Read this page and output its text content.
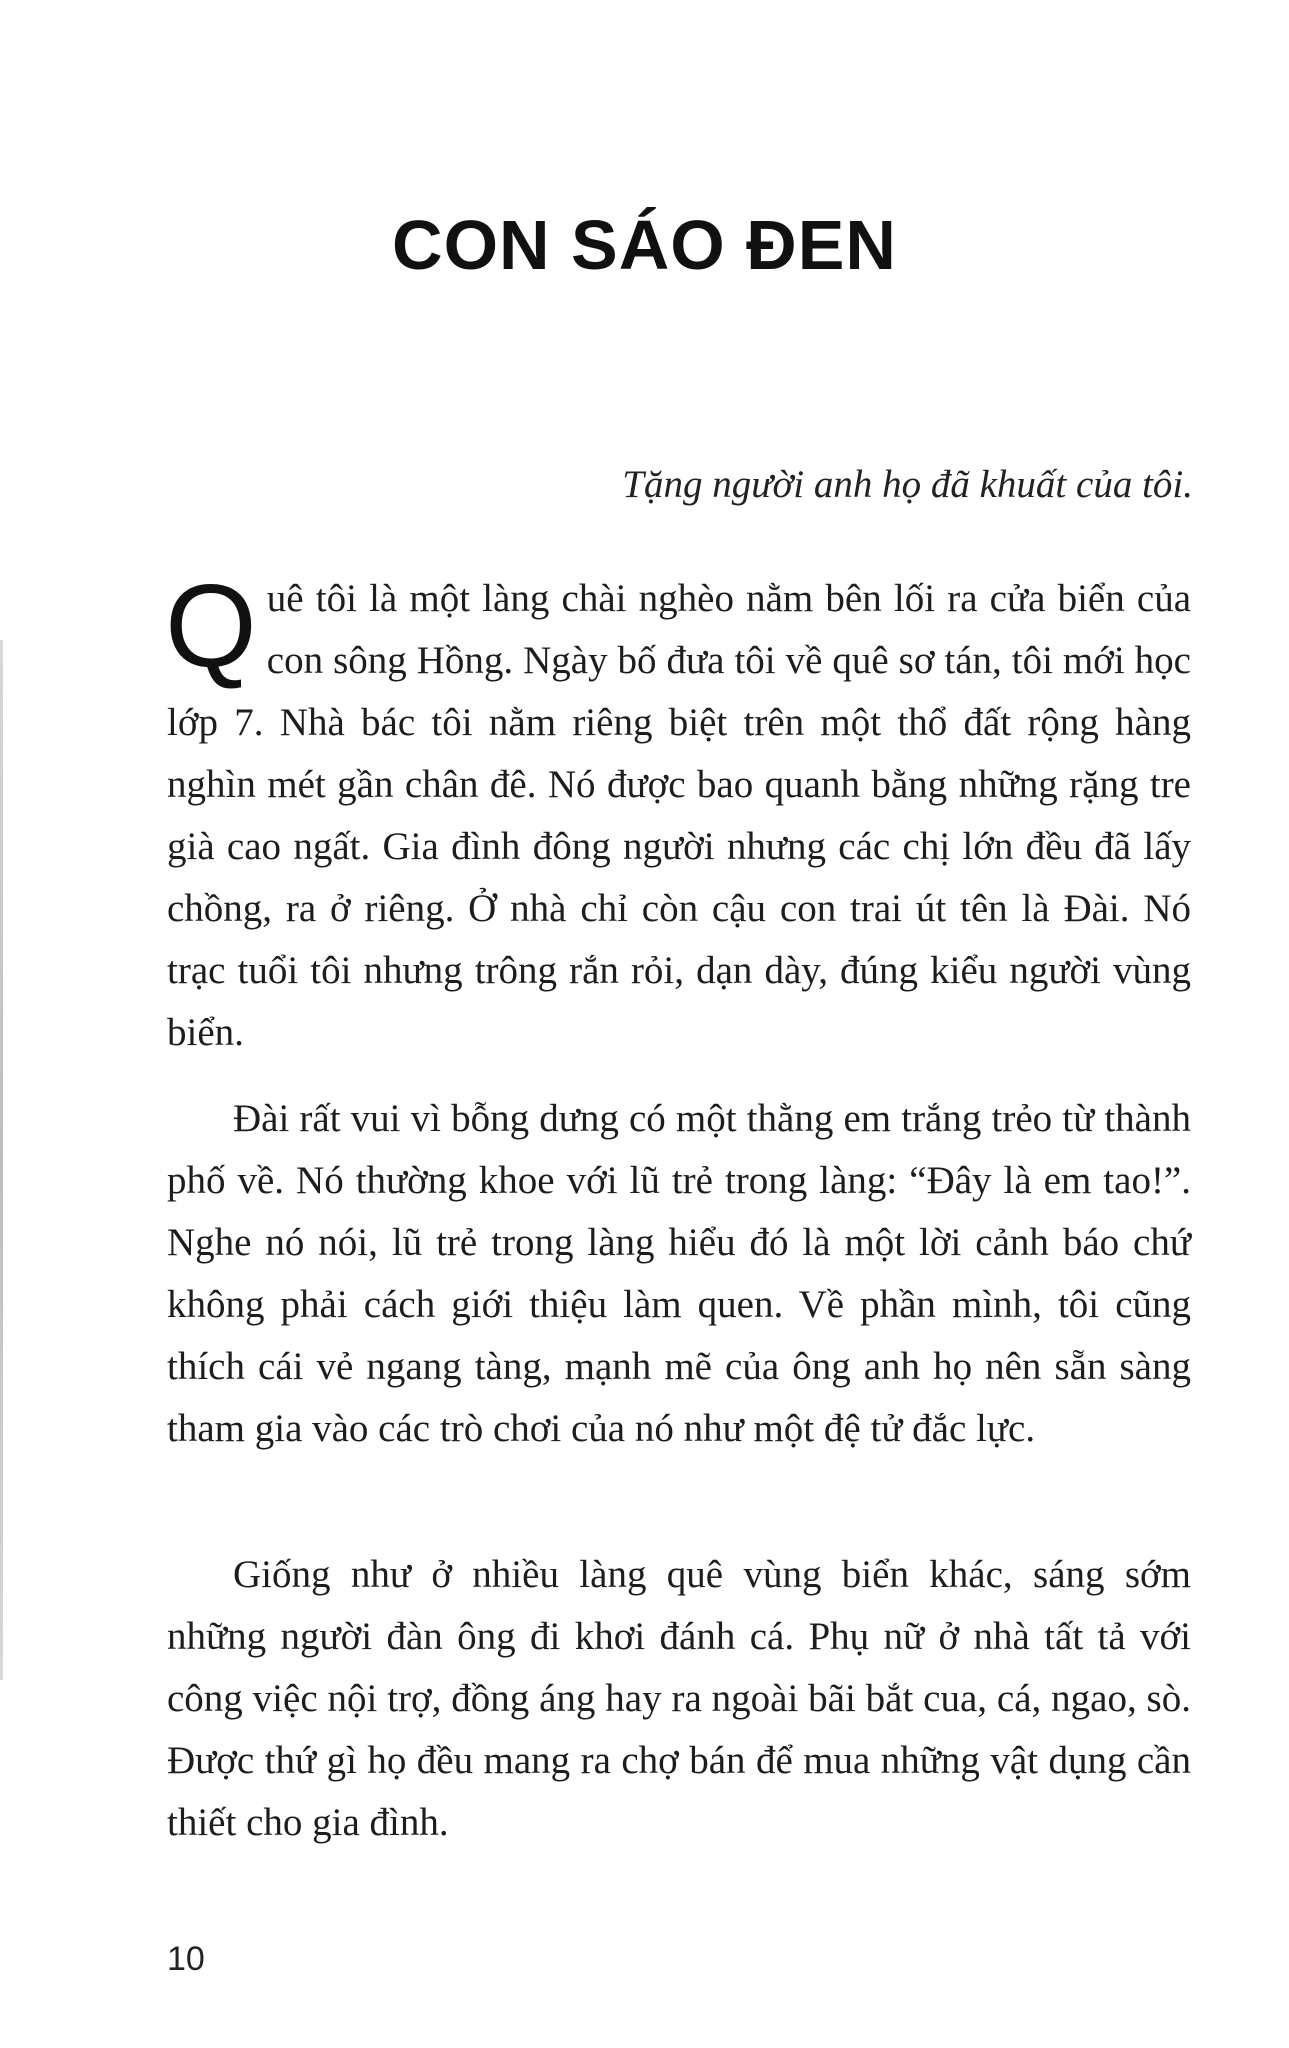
CON SÁO ĐEN
Tặng người anh họ đã khuất của tôi.

Quê tôi là một làng chài nghèo nằm bên lối ra cửa biển của con sông Hồng. Ngày bố đưa tôi về quê sơ tán, tôi mới học lớp 7. Nhà bác tôi nằm riêng biệt trên một thổ đất rộng hàng nghìn mét gần chân đê. Nó được bao quanh bằng những rặng tre già cao ngất. Gia đình đông người nhưng các chị lớn đều đã lấy chồng, ra ở riêng. Ở nhà chỉ còn cậu con trai út tên là Đài. Nó trạc tuổi tôi nhưng trông rắn rỏi, dạn dày, đúng kiểu người vùng biển.

Đài rất vui vì bỗng dưng có một thằng em trắng trẻo từ thành phố về. Nó thường khoe với lũ trẻ trong làng: “Đây là em tao!”. Nghe nó nói, lũ trẻ trong làng hiểu đó là một lời cảnh báo chứ không phải cách giới thiệu làm quen. Về phần mình, tôi cũng thích cái vẻ ngang tàng, mạnh mẽ của ông anh họ nên sẵn sàng tham gia vào các trò chơi của nó như một đệ tử đắc lực.

Giống như ở nhiều làng quê vùng biển khác, sáng sớm những người đàn ông đi khơi đánh cá. Phụ nữ ở nhà tất tả với công việc nội trợ, đồng áng hay ra ngoài bãi bắt cua, cá, ngao, sò. Được thứ gì họ đều mang ra chợ bán để mua những vật dụng cần thiết cho gia đình.

10
